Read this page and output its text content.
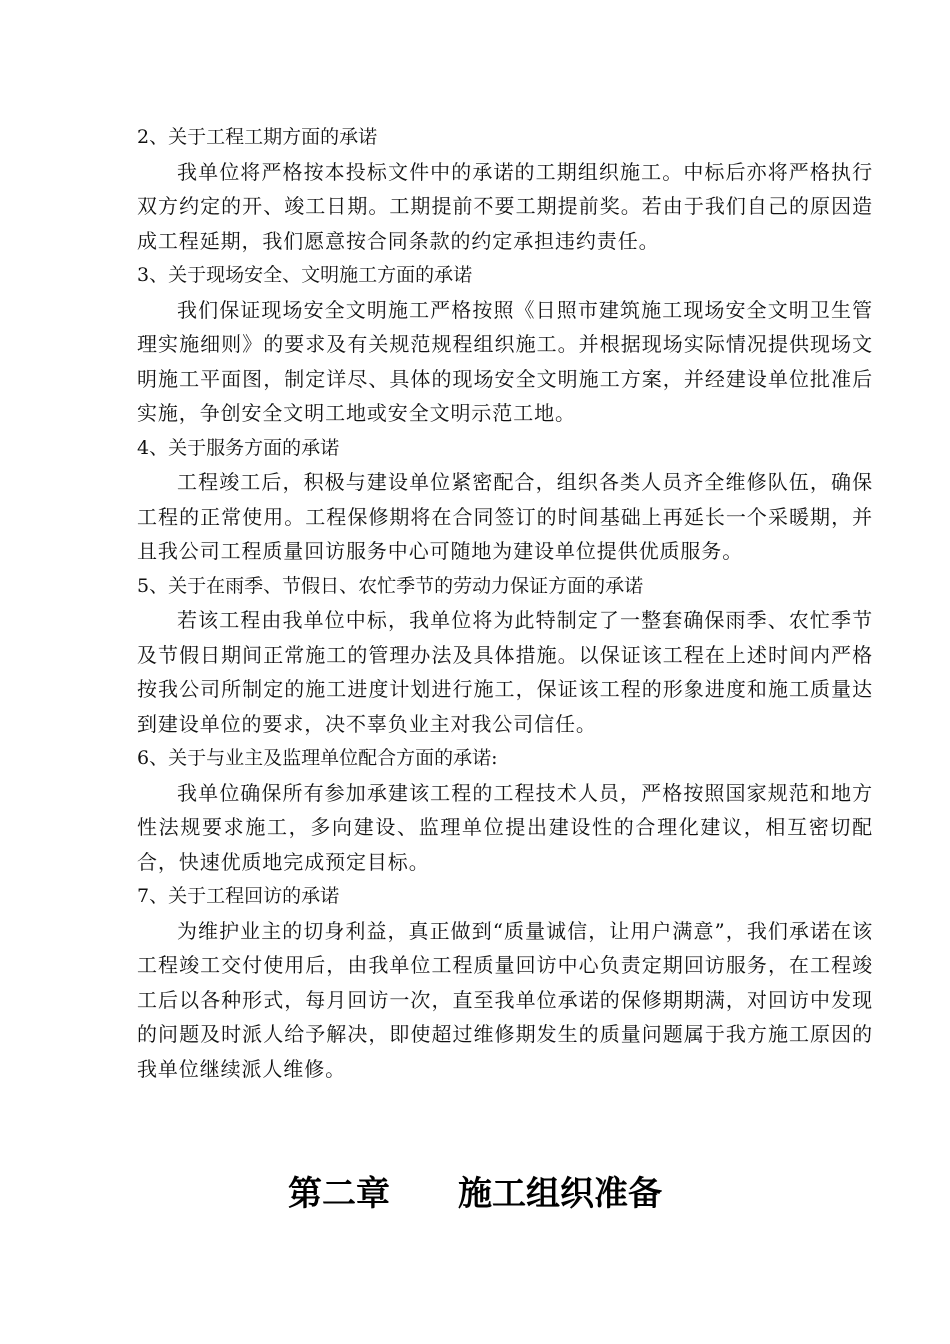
2、关于工程工期方面的承诺

我单位将严格按本投标文件中的承诺的工期组织施工。中标后亦将严格执行双方约定的开、竣工日期。工期提前不要工期提前奖。若由于我们自己的原因造成工程延期，我们愿意按合同条款的约定承担违约责任。

3、关于现场安全、文明施工方面的承诺

我们保证现场安全文明施工严格按照《日照市建筑施工现场安全文明卫生管理实施细则》的要求及有关规范规程组织施工。并根据现场实际情况提供现场文明施工平面图，制定详尽、具体的现场安全文明施工方案，并经建设单位批准后实施，争创安全文明工地或安全文明示范工地。

4、关于服务方面的承诺

工程竣工后，积极与建设单位紧密配合，组织各类人员齐全维修队伍，确保工程的正常使用。工程保修期将在合同签订的时间基础上再延长一个采暖期，并且我公司工程质量回访服务中心可随地为建设单位提供优质服务。

5、关于在雨季、节假日、农忙季节的劳动力保证方面的承诺

若该工程由我单位中标，我单位将为此特制定了一整套确保雨季、农忙季节及节假日期间正常施工的管理办法及具体措施。以保证该工程在上述时间内严格按我公司所制定的施工进度计划进行施工，保证该工程的形象进度和施工质量达到建设单位的要求，决不辜负业主对我公司信任。

6、关于与业主及监理单位配合方面的承诺:

我单位确保所有参加承建该工程的工程技术人员，严格按照国家规范和地方性法规要求施工，多向建设、监理单位提出建设性的合理化建议，相互密切配合，快速优质地完成预定目标。

7、关于工程回访的承诺

为维护业主的切身利益，真正做到“质量诚信，让用户满意”，我们承诺在该工程竣工交付使用后，由我单位工程质量回访中心负责定期回访服务，在工程竣工后以各种形式，每月回访一次，直至我单位承诺的保修期期满，对回访中发现的问题及时派人给予解决，即使超过维修期发生的质量问题属于我方施工原因的我单位继续派人维修。

第二章　　施工组织准备
